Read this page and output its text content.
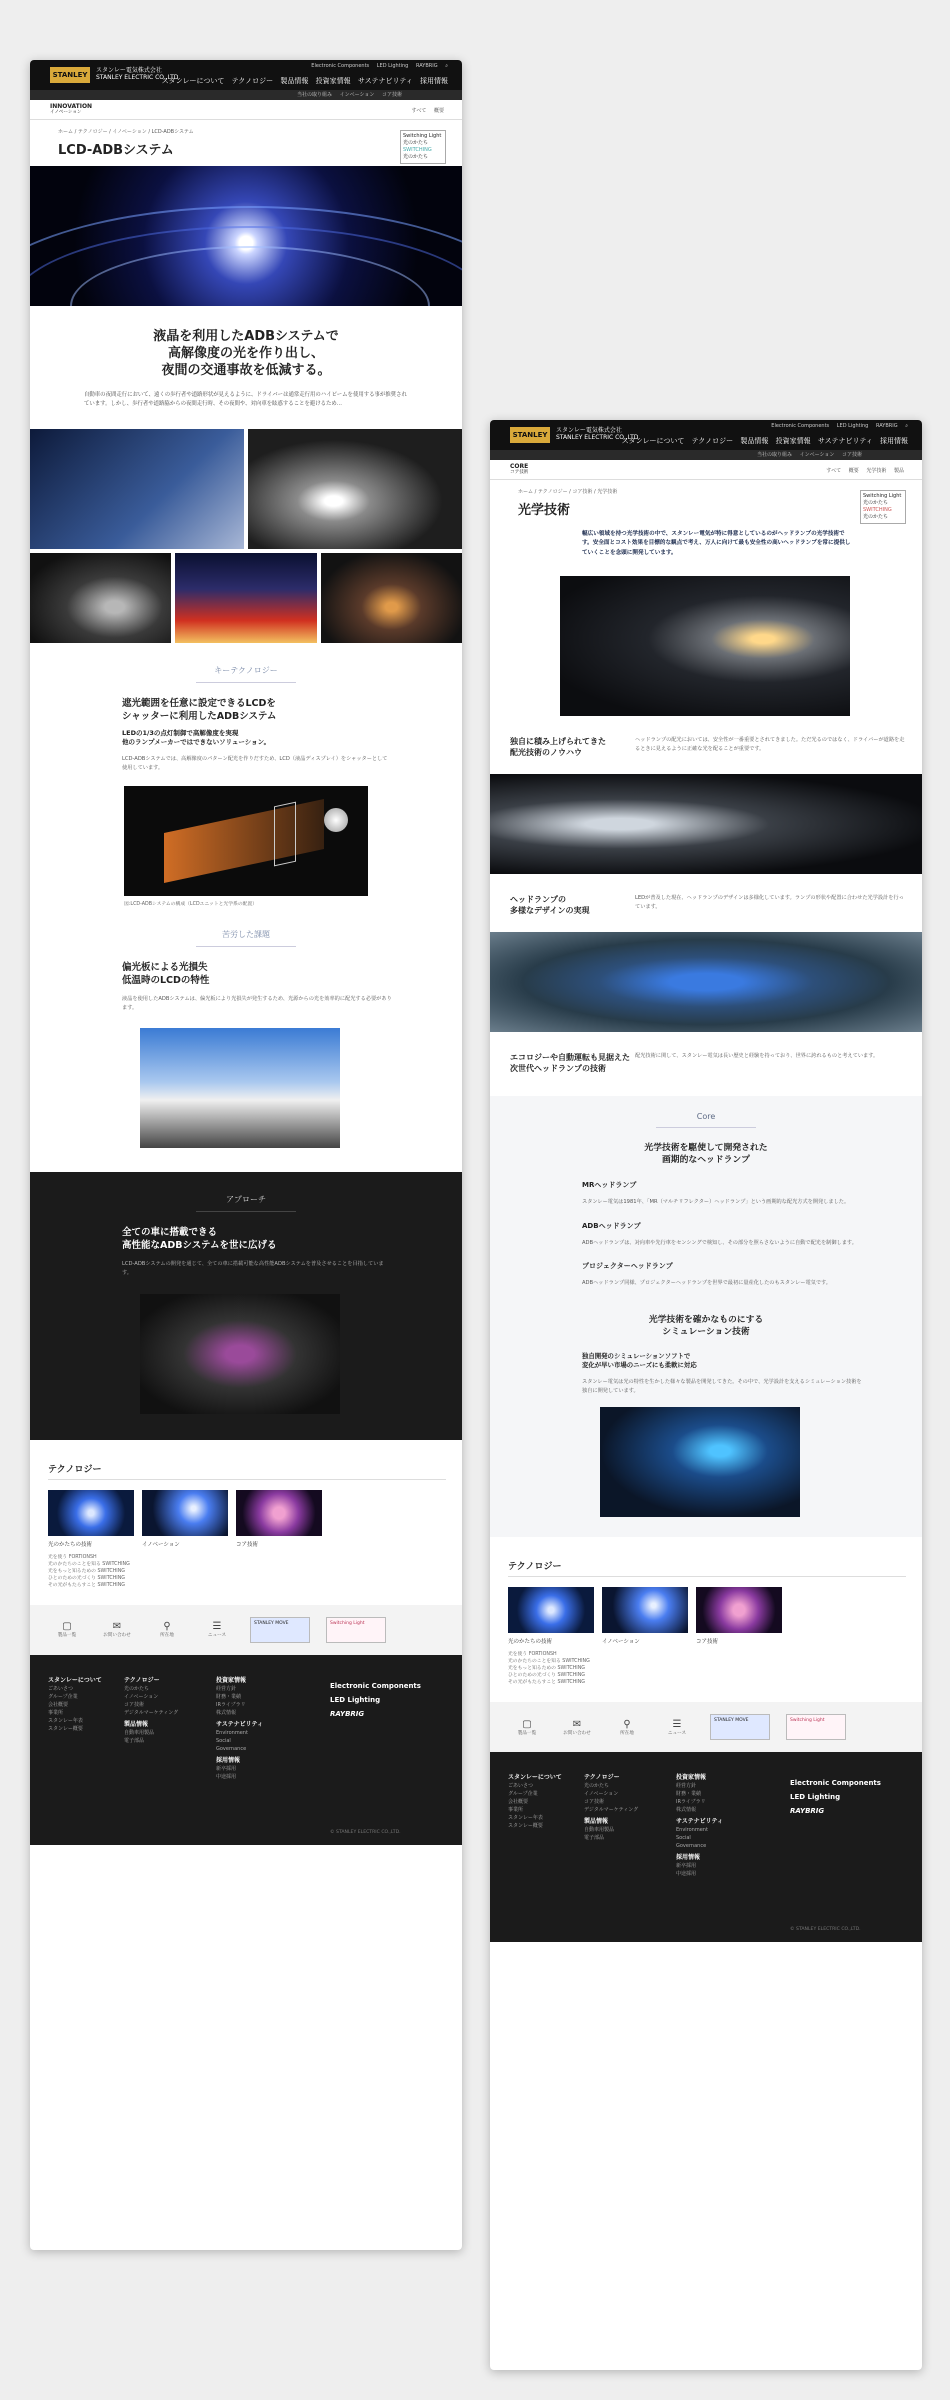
STANLEY
スタンレー電気株式会社
STANLEY ELECTRIC CO.,LTD.
Electronic Components LED Lighting RAYBRIG ⌕
スタンレーについて テクノロジー 製品情報 投資家情報 サステナビリティ 採用情報
当社の取り組み インベーション コア技術
INNOVATION
イノベーション	すべて 概要
Switching Light
光のかたち
SWITCHING
光のかたち
ホーム / テクノロジー / イノベーション / LCD-ADBシステム
LCD-ADBシステム
液晶を利用したADBシステムで
高解像度の光を作り出し、
夜間の交通事故を低減する。
自動車の夜間走行において、遠くの歩行者や道路形状が見えるように、ドライバーは通常走行用のハイビームを使用する事が推奨されています。しかし、歩行者や道路脇からの夜間走行時、その夜間や、対向車を眩惑することを避けるため...
キーテクノロジー
遮光範囲を任意に設定できるLCDを
シャッターに利用したADBシステム
LEDの1/3の点灯制御で高解像度を実現
他のランプメーカーではできないソリューション。
LCD-ADBシステムでは、高解像度のパターン配光を作りだすため、LCD（液晶ディスプレイ）をシャッターとして使用しています。
図:LCD-ADBシステムの構成（LCDユニットと光学系の配置）
苦労した課題
偏光板による光損失
低温時のLCDの特性
液晶を使用したADBシステムは、偏光板により光損失が発生するため、光源からの光を効率的に配光する必要があります。
アプローチ
全ての車に搭載できる
高性能なADBシステムを世に広げる
LCD-ADBシステムの開発を通じて、全ての車に搭載可能な高性能ADBシステムを普及させることを目指しています。
テクノロジー
光のかたちの技術	イノベーション	コア技術
光を使う FORTIONSH
光のかたちのことを知る SWITCHING
光をもっと知るための SWITCHING
ひとのための光づくり SWITCHING
その光がもたらすこと SWITCHING
▢
製品一覧
✉
お問い合わせ
⚲
所在地
☰
ニュース
STANLEY MOVE	Switching Light
スタンレーについて
ごあいさつ
グループ企業
会社概要
事業所
スタンレー年表
スタンレー概要
テクノロジー
光のかたち
イノベーション
コア技術
デジタルマーケティング
製品情報
自動車用製品
電子部品
投資家情報
経営方針
財務・業績
IRライブラリ
株式情報
サステナビリティ
Environment
Social
Governance
採用情報
新卒採用
中途採用
Electronic Components
LED Lighting
RAYBRIG
© STANLEY ELECTRIC CO.,LTD.
STANLEY
スタンレー電気株式会社
STANLEY ELECTRIC CO.,LTD.
Electronic Components LED Lighting RAYBRIG ⌕
スタンレーについて テクノロジー 製品情報 投資家情報 サステナビリティ 採用情報
当社の取り組み インベーション コア技術
CORE
コア技術	すべて 概要 光学技術 製品
Switching Light
光のかたち
SWITCHING
光のかたち
ホーム / テクノロジー / コア技術 / 光学技術
光学技術
幅広い領域を持つ光学技術の中で、スタンレー電気が特に得意としているのがヘッドランプの光学技術です。安全面とコスト効果を目標的な観点で考え、万人に向けて最も安全性の高いヘッドランプを常に提供していくことを念頭に開発しています。
独自に積み上げられてきた
配光技術のノウハウ
ヘッドランプの配光においては、安全性が一番重要とされてきました。ただ光るのではなく、ドライバーが道路を走るときに見えるように正確な光を配ることが重要です。
ヘッドランプの
多様なデザインの実現
LEDが普及した現在、ヘッドランプのデザインは多様化しています。ランプの形状や配置に合わせた光学設計を行っています。
エコロジーや自動運転も見据えた
次世代ヘッドランプの技術
配光技術に関して、スタンレー電気は長い歴史と経験を持っており、世界に誇れるものと考えています。
Core
光学技術を駆使して開発された
画期的なヘッドランプ
MRヘッドランプ
スタンレー電気は1981年、「MR（マルチリフレクター）ヘッドランプ」という画期的な配光方式を開発しました。
ADBヘッドランプ
ADBヘッドランプは、対向車や先行車をセンシングで検知し、その部分を照らさないように自動で配光を制御します。
プロジェクターヘッドランプ
ADBヘッドランプ同様、プロジェクターヘッドランプを世界で最初に量産化したのもスタンレー電気です。
光学技術を確かなものにする
シミュレーション技術
独自開発のシミュレーションソフトで
変化が早い市場のニーズにも柔軟に対応
スタンレー電気は光の特性を生かした様々な製品を開発してきた。その中で、光学設計を支えるシミュレーション技術を独自に開発しています。
テクノロジー
光のかたちの技術	イノベーション	コア技術
光を使う FORTIONSH
光のかたちのことを知る SWITCHING
光をもっと知るための SWITCHING
ひとのための光づくり SWITCHING
その光がもたらすこと SWITCHING
▢
製品一覧
✉
お問い合わせ
⚲
所在地
☰
ニュース
STANLEY MOVE	Switching Light
スタンレーについて
ごあいさつ
グループ企業
会社概要
事業所
スタンレー年表
スタンレー概要
テクノロジー
光のかたち
イノベーション
コア技術
デジタルマーケティング
製品情報
自動車用製品
電子部品
投資家情報
経営方針
財務・業績
IRライブラリ
株式情報
サステナビリティ
Environment
Social
Governance
採用情報
新卒採用
中途採用
Electronic Components
LED Lighting
RAYBRIG
© STANLEY ELECTRIC CO.,LTD.
